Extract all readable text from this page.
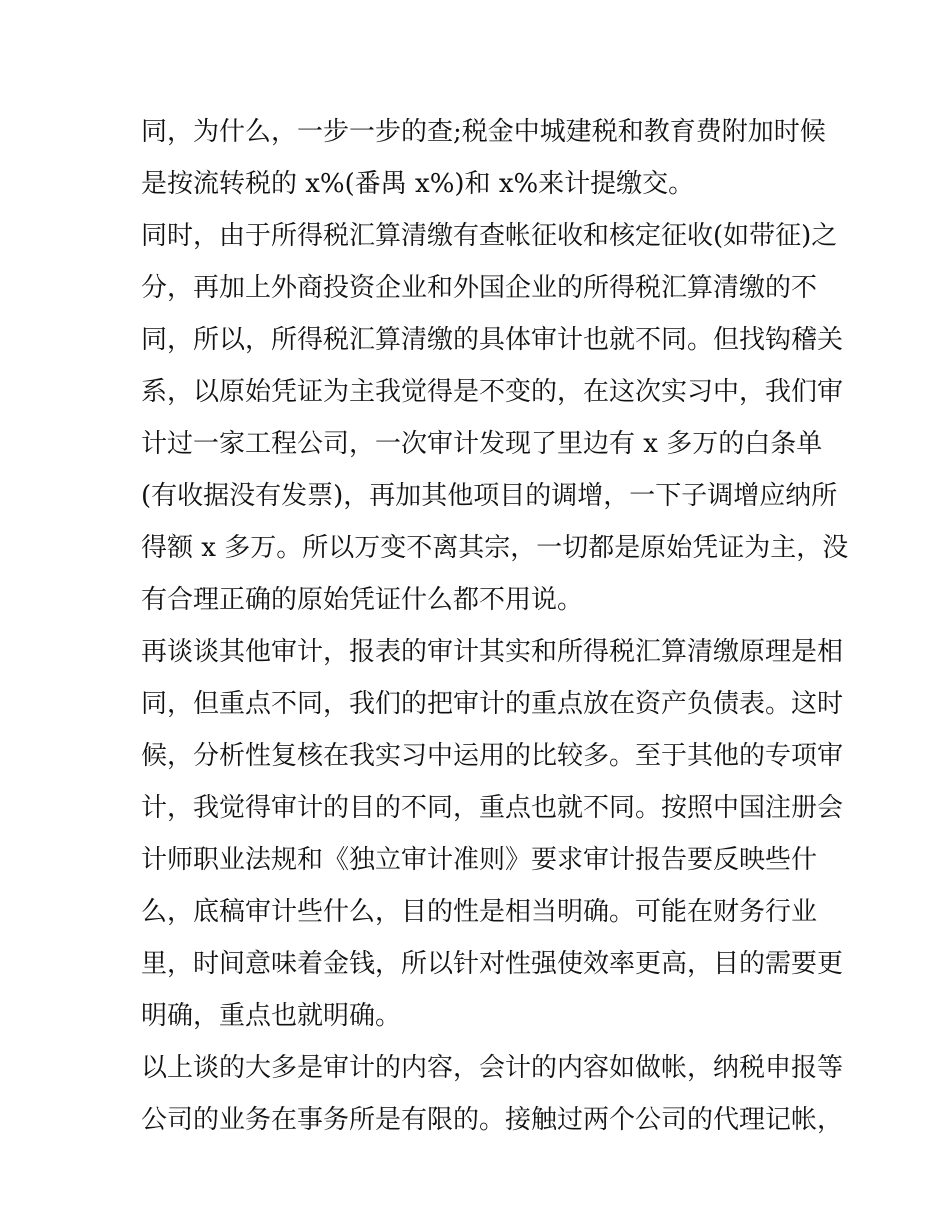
同，为什么，一步一步的查;税金中城建税和教育费附加时候
是按流转税的 x%(番禺 x%)和 x%来计提缴交。
同时，由于所得税汇算清缴有查帐征收和核定征收(如带征)之
分，再加上外商投资企业和外国企业的所得税汇算清缴的不
同，所以，所得税汇算清缴的具体审计也就不同。但找钩稽关
系，以原始凭证为主我觉得是不变的，在这次实习中，我们审
计过一家工程公司，一次审计发现了里边有 x 多万的白条单
(有收据没有发票)，再加其他项目的调增，一下子调增应纳所
得额 x 多万。所以万变不离其宗，一切都是原始凭证为主，没
有合理正确的原始凭证什么都不用说。
再谈谈其他审计，报表的审计其实和所得税汇算清缴原理是相
同，但重点不同，我们的把审计的重点放在资产负债表。这时
候，分析性复核在我实习中运用的比较多。至于其他的专项审
计，我觉得审计的目的不同，重点也就不同。按照中国注册会
计师职业法规和《独立审计准则》要求审计报告要反映些什
么，底稿审计些什么，目的性是相当明确。可能在财务行业
里，时间意味着金钱，所以针对性强使效率更高，目的需要更
明确，重点也就明确。
以上谈的大多是审计的内容，会计的内容如做帐，纳税申报等
公司的业务在事务所是有限的。接触过两个公司的代理记帐，
